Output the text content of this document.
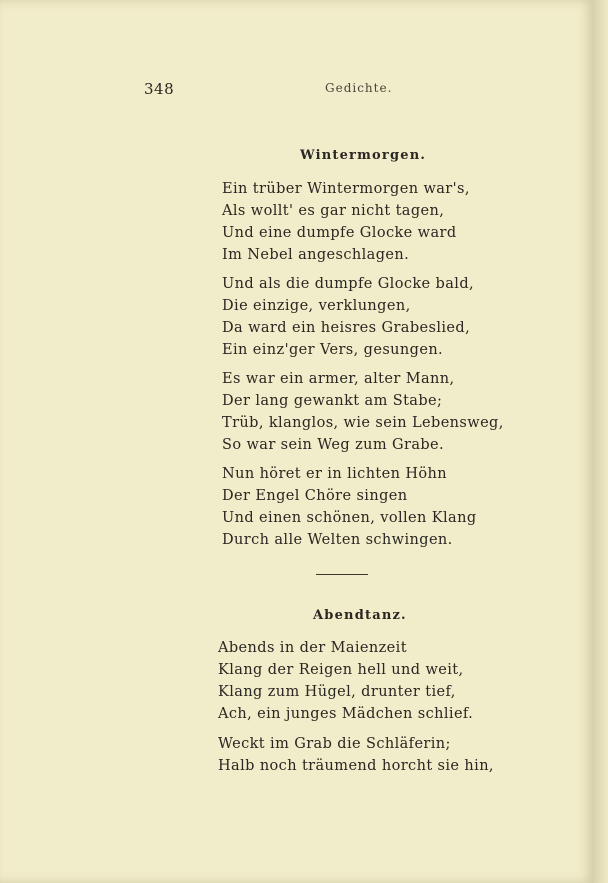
348	Gedichte.
Wintermorgen.
Ein trüber Wintermorgen war's,
Als wollt' es gar nicht tagen,
Und eine dumpfe Glocke ward
Im Nebel angeschlagen.
Und als die dumpfe Glocke bald,
Die einzige, verklungen,
Da ward ein heisres Grabeslied,
Ein einz'ger Vers, gesungen.
Es war ein armer, alter Mann,
Der lang gewankt am Stabe;
Trüb, klanglos, wie sein Lebensweg,
So war sein Weg zum Grabe.
Nun höret er in lichten Höhn
Der Engel Chöre singen
Und einen schönen, vollen Klang
Durch alle Welten schwingen.
Abendtanz.
Abends in der Maienzeit
Klang der Reigen hell und weit,
Klang zum Hügel, drunter tief,
Ach, ein junges Mädchen schlief.
Weckt im Grab die Schläferin;
Halb noch träumend horcht sie hin,
